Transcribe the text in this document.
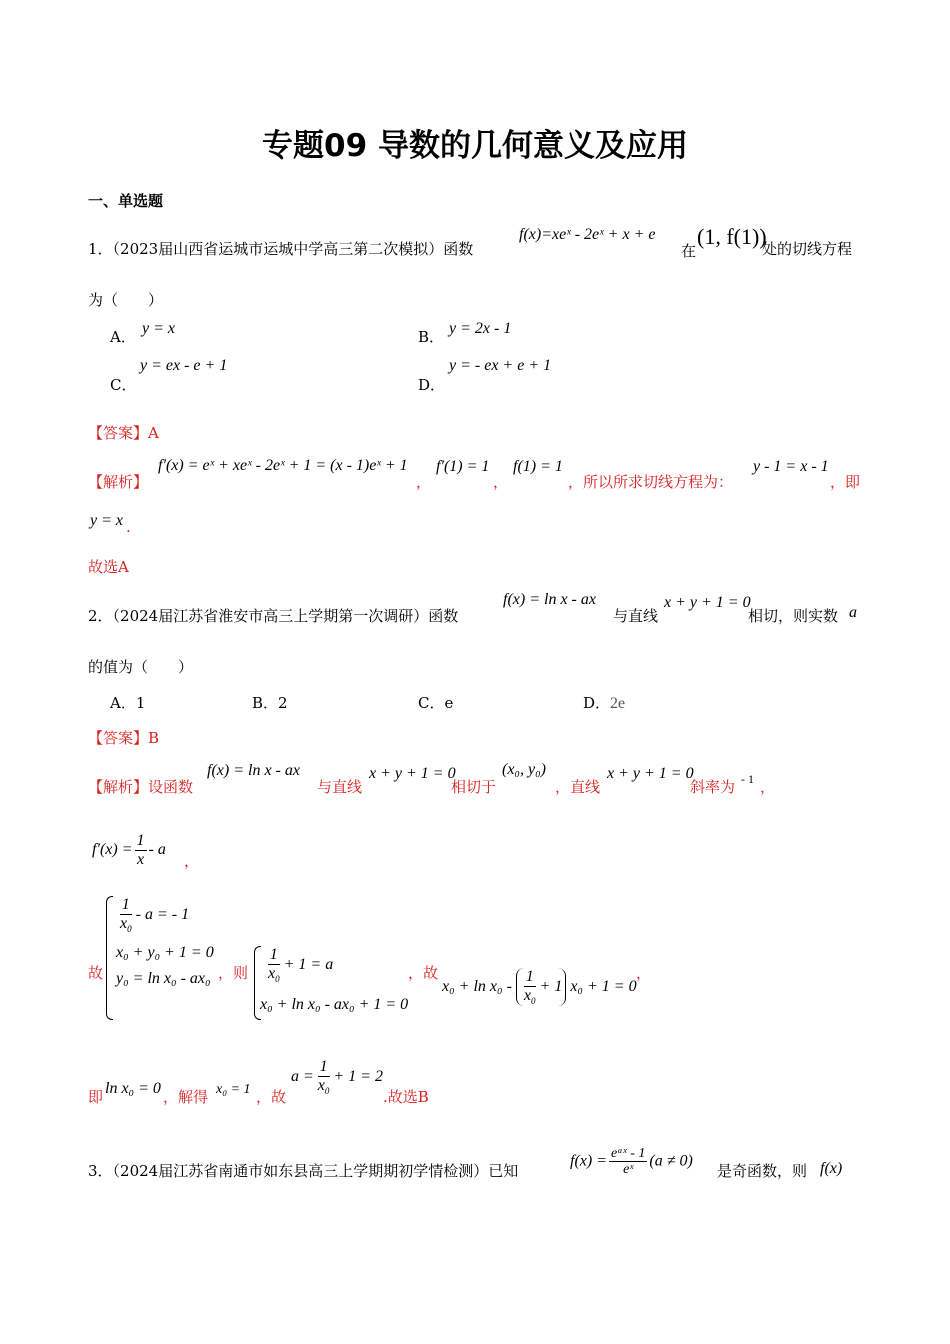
专题09 导数的几何意义及应用
一、单选题
1．（2023届山西省运城市运城中学高三第二次模拟）函数
f(x)=xeˣ - 2eˣ + x + e
在
(1, f(1))
处的切线方程
为（　　）
A． y = x	B． y = 2x - 1
C．
y = ex - e + 1
D．
y = - ex + e + 1
【答案】A
【解析】
f′(x) = eˣ + xeˣ - 2eˣ + 1 = (x - 1)eˣ + 1
，
f′(1) = 1
，
f(1) = 1
，所以所求切线方程为：
y - 1 = x - 1
，即
y = x .
故选A
2．（2024届江苏省淮安市高三上学期第一次调研）函数
f(x) = ln x - ax
与直线
x + y + 1 = 0
相切，则实数 a
的值为（　　）
A．1	B．2	C．e	D．2e
【答案】B
【解析】设函数
f(x) = ln x - ax
与直线
x + y + 1 = 0
相切于
(x₀, y₀)
，直线
x + y + 1 = 0
斜率为 - 1 ，
$f'(x) = \frac{1}{x} - a$
，
故
$\frac{1}{x_0}$ - a = - 1
x₀ + y₀ + 1 = 0
y₀ = ln x₀ - ax₀ ，则 $\frac{1}{x_0} + 1 = a$
x₀ + ln x₀ - ax₀ + 1 = 0
，故
$x_0 + \ln x_0 - \frac{1}{x_0} + 1$ x₀ + 1 = 0
，
即 ln x₀ = 0 ，解得 x₀ = 1 ，故
$a = \frac{1}{x_0} + 1 = 2$
.故选B
3．（2024届江苏省南通市如东县高三上学期期初学情检测）已知
$f(x) = \frac{\text{eᵃˣ - 1}}{\text{eˣ}} (a \ne 0)$
是奇函数，则 f(x)
